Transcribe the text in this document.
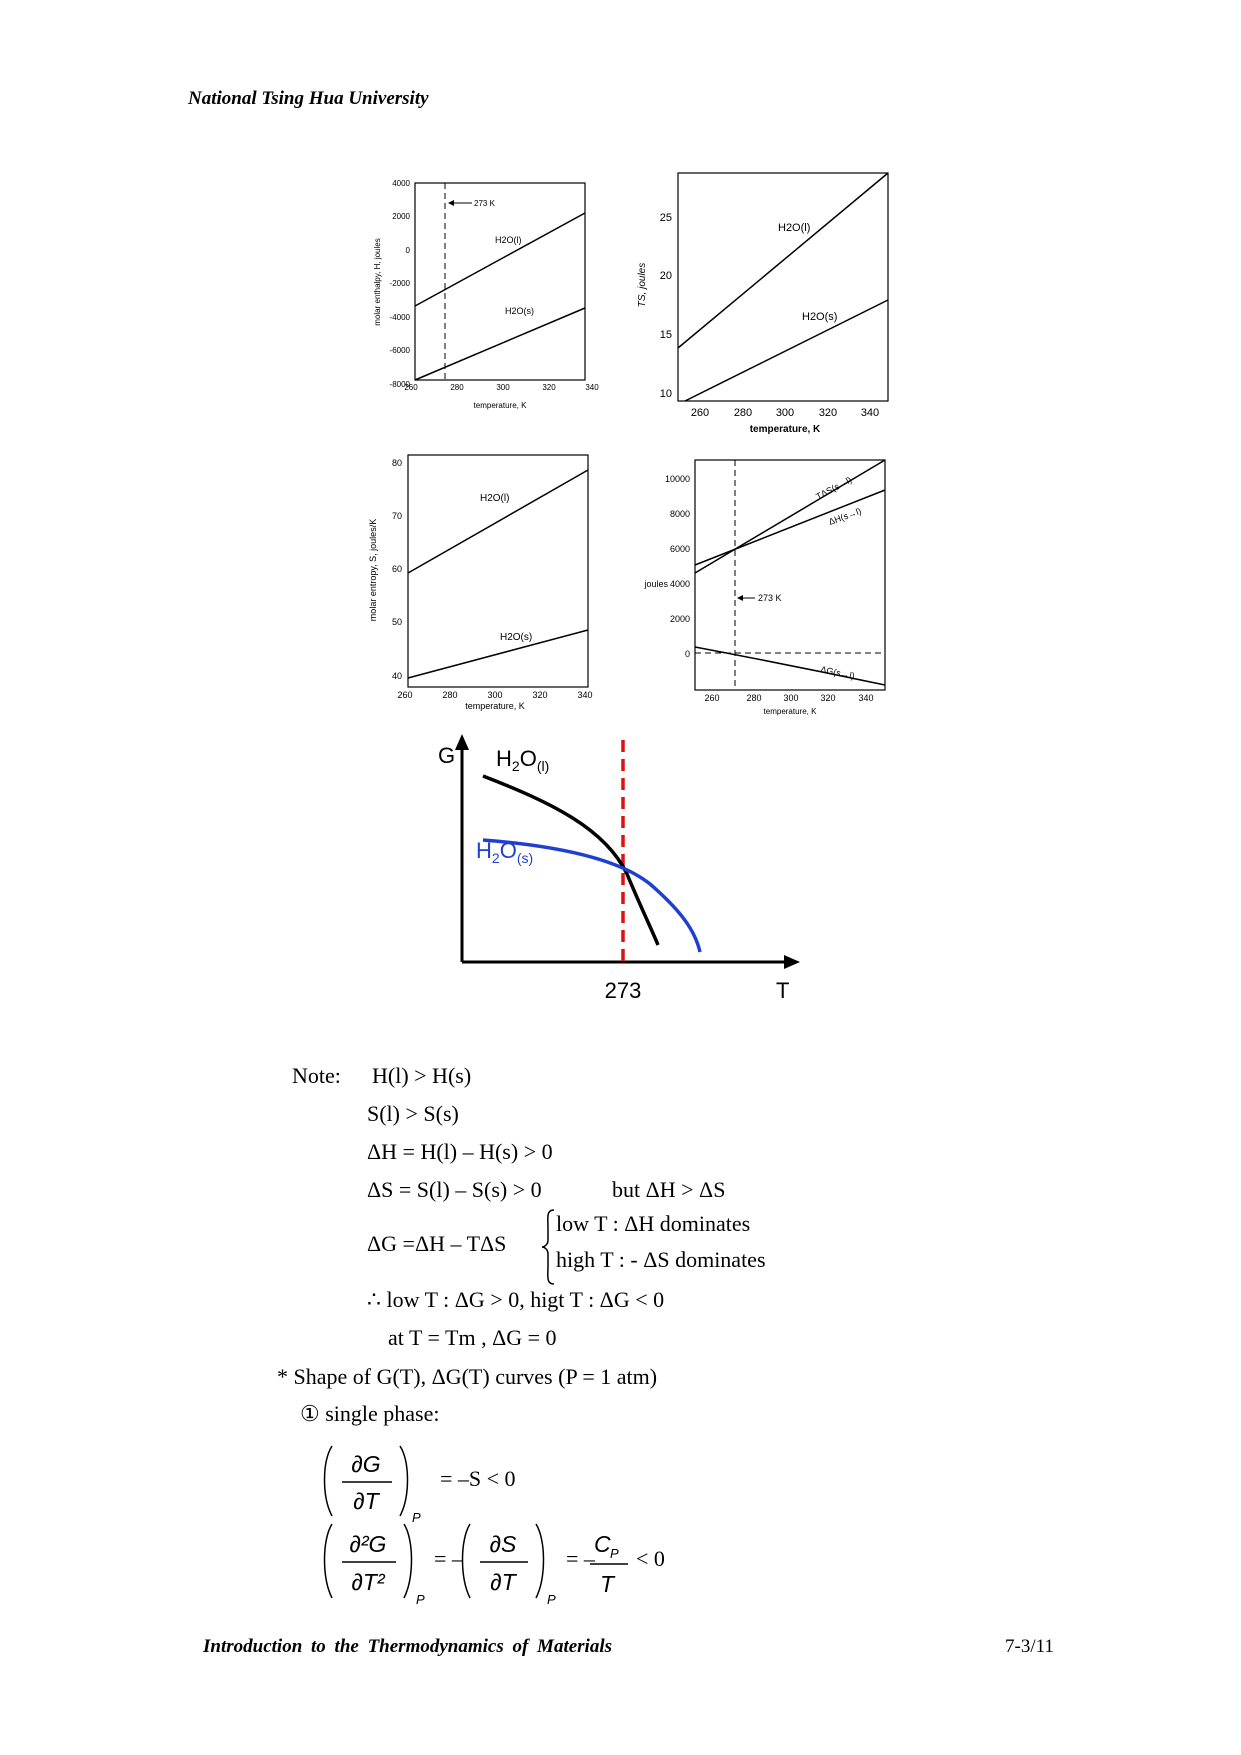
National Tsing Hua University
4000
2000
0
-2000
-4000
-6000
-8000
260	280	300	320	340
273 K
H2O(l)
H2O(s)
temperature, K
molar enthalpy, H, joules
25
20
15
10
260 280 300 320 340
H2O(l)
H2O(s)
temperature, K
TS, joules
80
70
60
50
40
260	280	300	320	340
H2O(l)
H2O(s)
temperature, K
molar entropy, S, joules/K
10000
8000
6000
4000
2000
0
joules
260	280 300 320	340
273 K
TΔS(s→l)
ΔH(s→l)
ΔG(s→l)
temperature, K
G
T
273
$H_2O_{(l)}$
$H_2O_{(s)}$
Note: H(l) > H(s)
S(l) > S(s)
ΔH = H(l) – H(s) > 0
ΔS = S(l) – S(s) > 0	but ΔH > ΔS
ΔG =ΔH – TΔS
low T : ΔH dominates
high T : - ΔS dominates
∴ low T : ΔG > 0, higt T : ΔG < 0
at T = Tm , ΔG = 0
* Shape of G(T), ΔG(T) curves (P = 1 atm)
① single phase:
∂G
∂T
P
= –S < 0
∂²G
∂T²
P
= –
∂S
∂T
P
= –
C P
T
< 0
Introduction to the Thermodynamics of Materials	7-3/11
